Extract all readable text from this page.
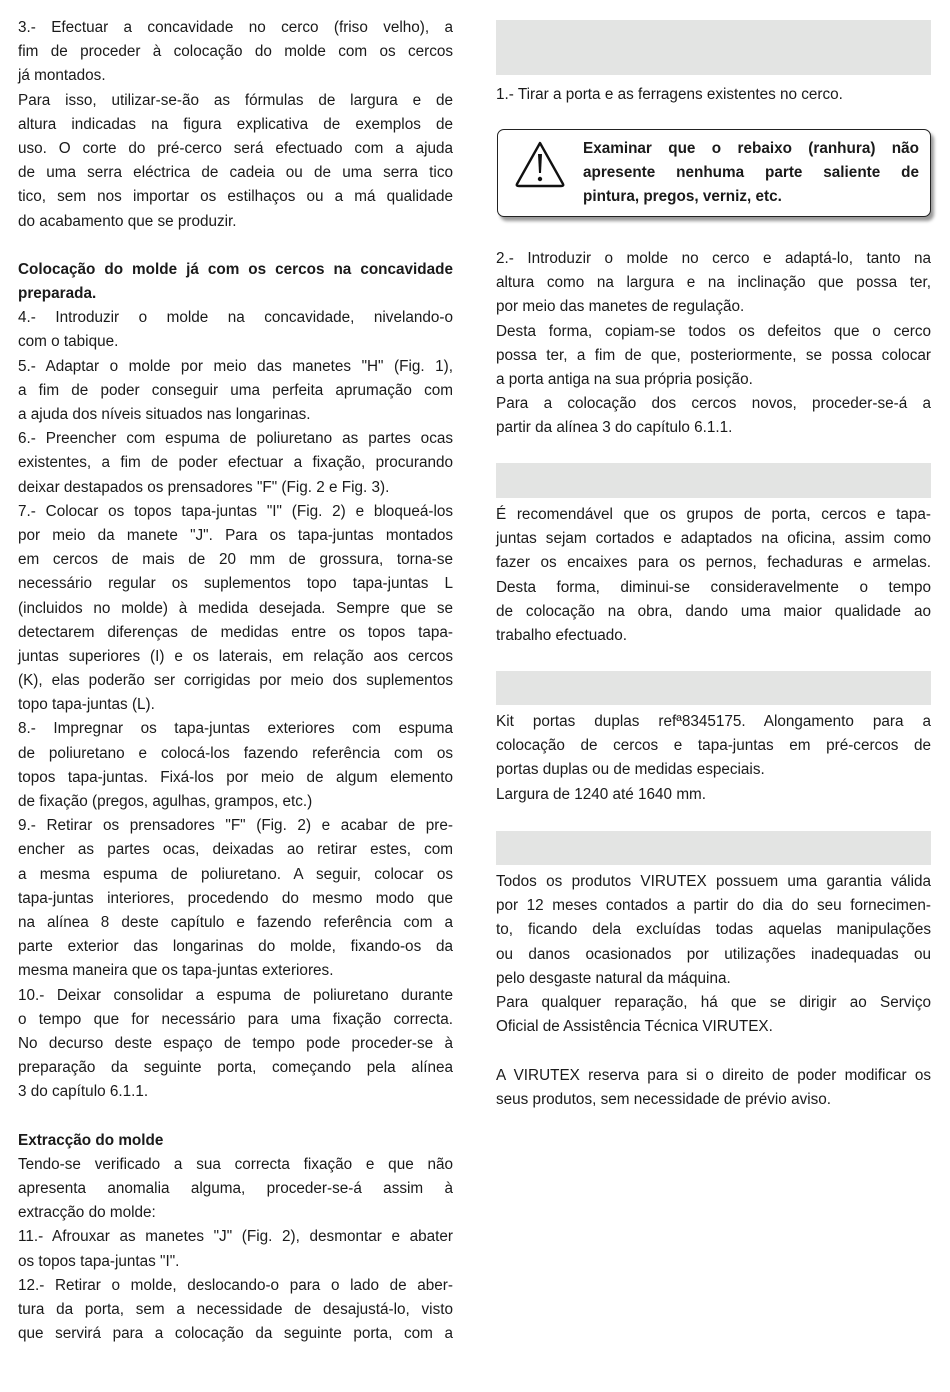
3.- Efectuar a concavidade no cerco (friso velho), a
fim de proceder à colocação do molde com os cercos
já montados.
Para isso, utilizar-se-ão as fórmulas de largura e de
altura indicadas na figura explicativa de exemplos de
uso. O corte do pré-cerco será efectuado com a ajuda
de uma serra eléctrica de cadeia ou de uma serra tico
tico, sem nos importar os estilhaços ou a má qualidade
do acabamento que se produzir.
Colocação do molde já com os cercos na concavidade
preparada.
4.- Introduzir o molde na concavidade, nivelando-o
com o tabique.
5.- Adaptar o molde por meio das manetes "H" (Fig. 1),
a fim de poder conseguir uma perfeita aprumação com
a ajuda dos níveis situados nas longarinas.
6.- Preencher com espuma de poliuretano as partes ocas
existentes, a fim de poder efectuar a fixação, procurando
deixar destapados os prensadores "F" (Fig. 2 e Fig. 3).
7.- Colocar os topos tapa-juntas "I" (Fig. 2) e bloqueá-los
por meio da manete "J". Para os tapa-juntas montados
em cercos de mais de 20 mm de grossura, torna-se
necessário regular os suplementos topo tapa-juntas L
(incluidos no molde) à medida desejada. Sempre que se
detectarem diferenças de medidas entre os topos tapa-
juntas superiores (I) e os laterais, em relação aos cercos
(K), elas poderão ser corrigidas por meio dos suplementos
topo tapa-juntas (L).
8.- Impregnar os tapa-juntas exteriores com espuma
de poliuretano e colocá-los fazendo referência com os
topos tapa-juntas. Fixá-los por meio de algum elemento
de fixação (pregos, agulhas, grampos, etc.)
9.- Retirar os prensadores "F" (Fig. 2) e acabar de pre-
encher as partes ocas, deixadas ao retirar estes, com
a mesma espuma de poliuretano. A seguir, colocar os
tapa-juntas interiores, procedendo do mesmo modo que
na alínea 8 deste capítulo e fazendo referência com a
parte exterior das longarinas do molde, fixando-os da
mesma maneira que os tapa-juntas exteriores.
10.- Deixar consolidar a espuma de poliuretano durante
o tempo que for necessário para uma fixação correcta.
No decurso deste espaço de tempo pode proceder-se à
preparação da seguinte porta, começando pela alínea
3 do capítulo 6.1.1.
Extracção do molde
Tendo-se verificado a sua correcta fixação e que não
apresenta anomalia alguma, proceder-se-á assim à
extracção do molde:
11.- Afrouxar as manetes "J" (Fig. 2), desmontar e abater
os topos tapa-juntas "I".
12.- Retirar o molde, deslocando-o para o lado de aber-
tura da porta, sem a necessidade de desajustá-lo, visto
que servirá para a colocação da seguinte porta, com a
1.- Tirar a porta e as ferragens existentes no cerco.
Examinar que o rebaixo (ranhura) não
apresente nenhuma parte saliente de
pintura, pregos, verniz, etc.
2.- Introduzir o molde no cerco e adaptá-lo, tanto na
altura como na largura e na inclinação que possa ter,
por meio das manetes de regulação.
Desta forma, copiam-se todos os defeitos que o cerco
possa ter, a fim de que, posteriormente, se possa colocar
a porta antiga na sua própria posição.
Para a colocação dos cercos novos, proceder-se-á a
partir da alínea 3 do capítulo 6.1.1.
É recomendável que os grupos de porta, cercos e tapa-
juntas sejam cortados e adaptados na oficina, assim como
fazer os encaixes para os pernos, fechaduras e armelas.
Desta forma, diminui-se consideravelmente o tempo
de colocação na obra, dando uma maior qualidade ao
trabalho efectuado.
Kit portas duplas refª8345175. Alongamento para a
colocação de cercos e tapa-juntas em pré-cercos de
portas duplas ou de medidas especiais.
Largura de 1240 até 1640 mm.
Todos os produtos VIRUTEX possuem uma garantia válida
por 12 meses contados a partir do dia do seu fornecimen-
to, ficando dela excluídas todas aquelas manipulações
ou danos ocasionados por utilizações inadequadas ou
pelo desgaste natural da máquina.
Para qualquer reparação, há que se dirigir ao Serviço
Oficial de Assistência Técnica VIRUTEX.
A VIRUTEX reserva para si o direito de poder modificar os
seus produtos, sem necessidade de prévio aviso.
